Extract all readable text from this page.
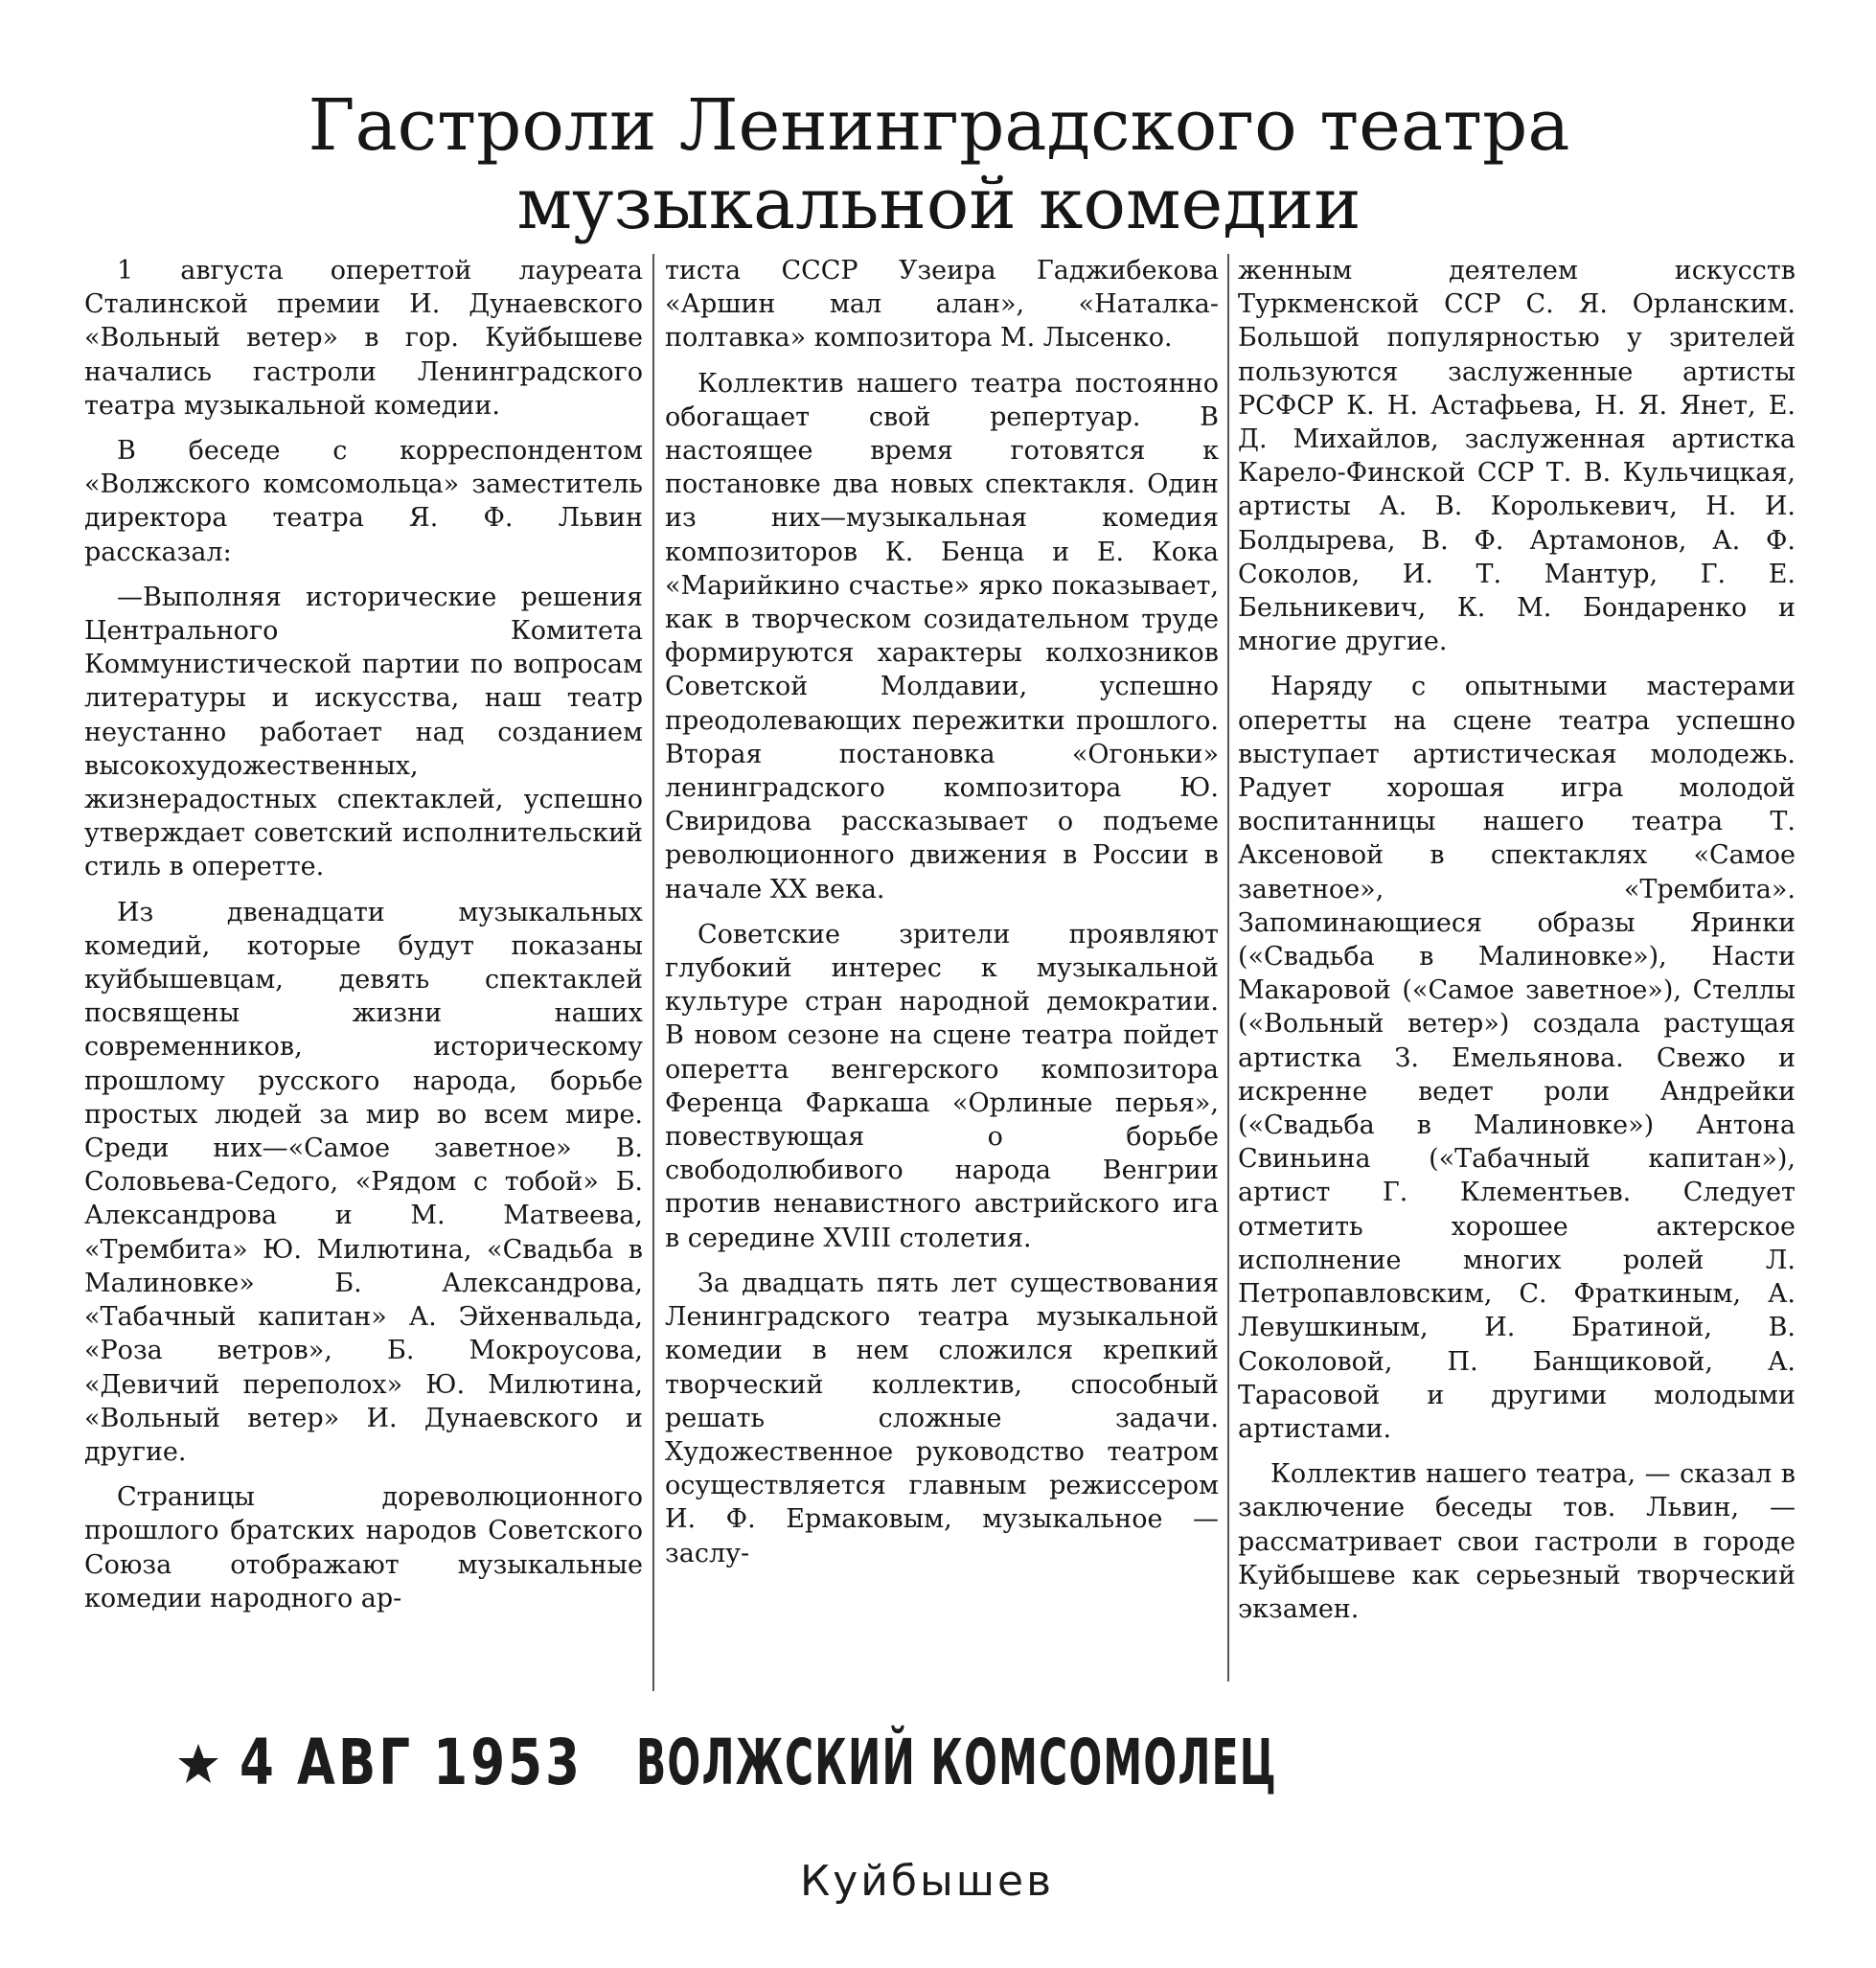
Гастроли Ленинградского театра
музыкальной комедии

1 августа опереттой лауреата Сталинской премии И. Дунаевского «Вольный ветер» в гор. Куйбышеве начались гастроли Ленинградского театра музыкальной комедии.

В беседе с корреспондентом «Волжского комсомольца» заместитель директора театра Я. Ф. Львин рассказал:

—Выполняя исторические решения Центрального Комитета Коммунистической партии по вопросам литературы и искусства, наш театр неустанно работает над созданием высокохудожественных, жизнерадостных спектаклей, успешно утверждает советский исполнительский стиль в оперетте.

Из двенадцати музыкальных комедий, которые будут показаны куйбышевцам, девять спектаклей посвящены жизни наших современников, историческому прошлому русского народа, борьбе простых людей за мир во всем мире. Среди них—«Самое заветное» В. Соловьева-Седого, «Рядом с тобой» Б. Александрова и М. Матвеева, «Трембита» Ю. Милютина, «Свадьба в Малиновке» Б. Александрова, «Табачный капитан» А. Эйхенвальда, «Роза ветров», Б. Мокроусова, «Девичий переполох» Ю. Милютина, «Вольный ветер» И. Дунаевского и другие.

Страницы дореволюционного прошлого братских народов Советского Союза отображают музыкальные комедии народного ар-

тиста СССР Узеира Гаджибекова «Аршин мал алан», «Наталка-полтавка» композитора М. Лысенко.

Коллектив нашего театра постоянно обогащает свой репертуар. В настоящее время готовятся к постановке два новых спектакля. Один из них—музыкальная комедия композиторов К. Бенца и Е. Кока «Марийкино счастье» ярко показывает, как в творческом созидательном труде формируются характеры колхозников Советской Молдавии, успешно преодолевающих пережитки прошлого. Вторая постановка «Огоньки» ленинградского композитора Ю. Свиридова рассказывает о подъеме революционного движения в России в начале XX века.

Советские зрители проявляют глубокий интерес к музыкальной культуре стран народной демократии. В новом сезоне на сцене театра пойдет оперетта венгерского композитора Ференца Фаркаша «Орлиные перья», повествующая о борьбе свободолюбивого народа Венгрии против ненавистного австрийского ига в середине XVIII столетия.

За двадцать пять лет существования Ленинградского театра музыкальной комедии в нем сложился крепкий творческий коллектив, способный решать сложные задачи. Художественное руководство театром осуществляется главным режиссером И. Ф. Ермаковым, музыкальное — заслу-

женным деятелем искусств Туркменской ССР С. Я. Орланским. Большой популярностью у зрителей пользуются заслуженные артисты РСФСР К. Н. Астафьева, Н. Я. Янет, Е. Д. Михайлов, заслуженная артистка Карело-Финской ССР Т. В. Кульчицкая, артисты А. В. Королькевич, Н. И. Болдырева, В. Ф. Артамонов, А. Ф. Соколов, И. Т. Мантур, Г. Е. Бельникевич, К. М. Бондаренко и многие другие.

Наряду с опытными мастерами оперетты на сцене театра успешно выступает артистическая молодежь. Радует хорошая игра молодой воспитанницы нашего театра Т. Аксеновой в спектаклях «Самое заветное», «Трембита». Запоминающиеся образы Яринки («Свадьба в Малиновке»), Насти Макаровой («Самое заветное»), Стеллы («Вольный ветер») создала растущая артистка З. Емельянова. Свежо и искренне ведет роли Андрейки («Свадьба в Малиновке») Антона Свиньина («Табачный капитан»), артист Г. Клементьев. Следует отметить хорошее актерское исполнение многих ролей Л. Петропавловским, С. Фраткиным, А. Левушкиным, И. Братиной, В. Соколовой, П. Банщиковой, А. Тарасовой и другими молодыми артистами.

Коллектив нашего театра, — сказал в заключение беседы тов. Львин, — рассматривает свои гастроли в городе Куйбышеве как серьезный творческий экзамен.

4 АВГ 1953 ВОЛЖСКИЙ КОМСОМОЛЕЦ
Куйбышев
